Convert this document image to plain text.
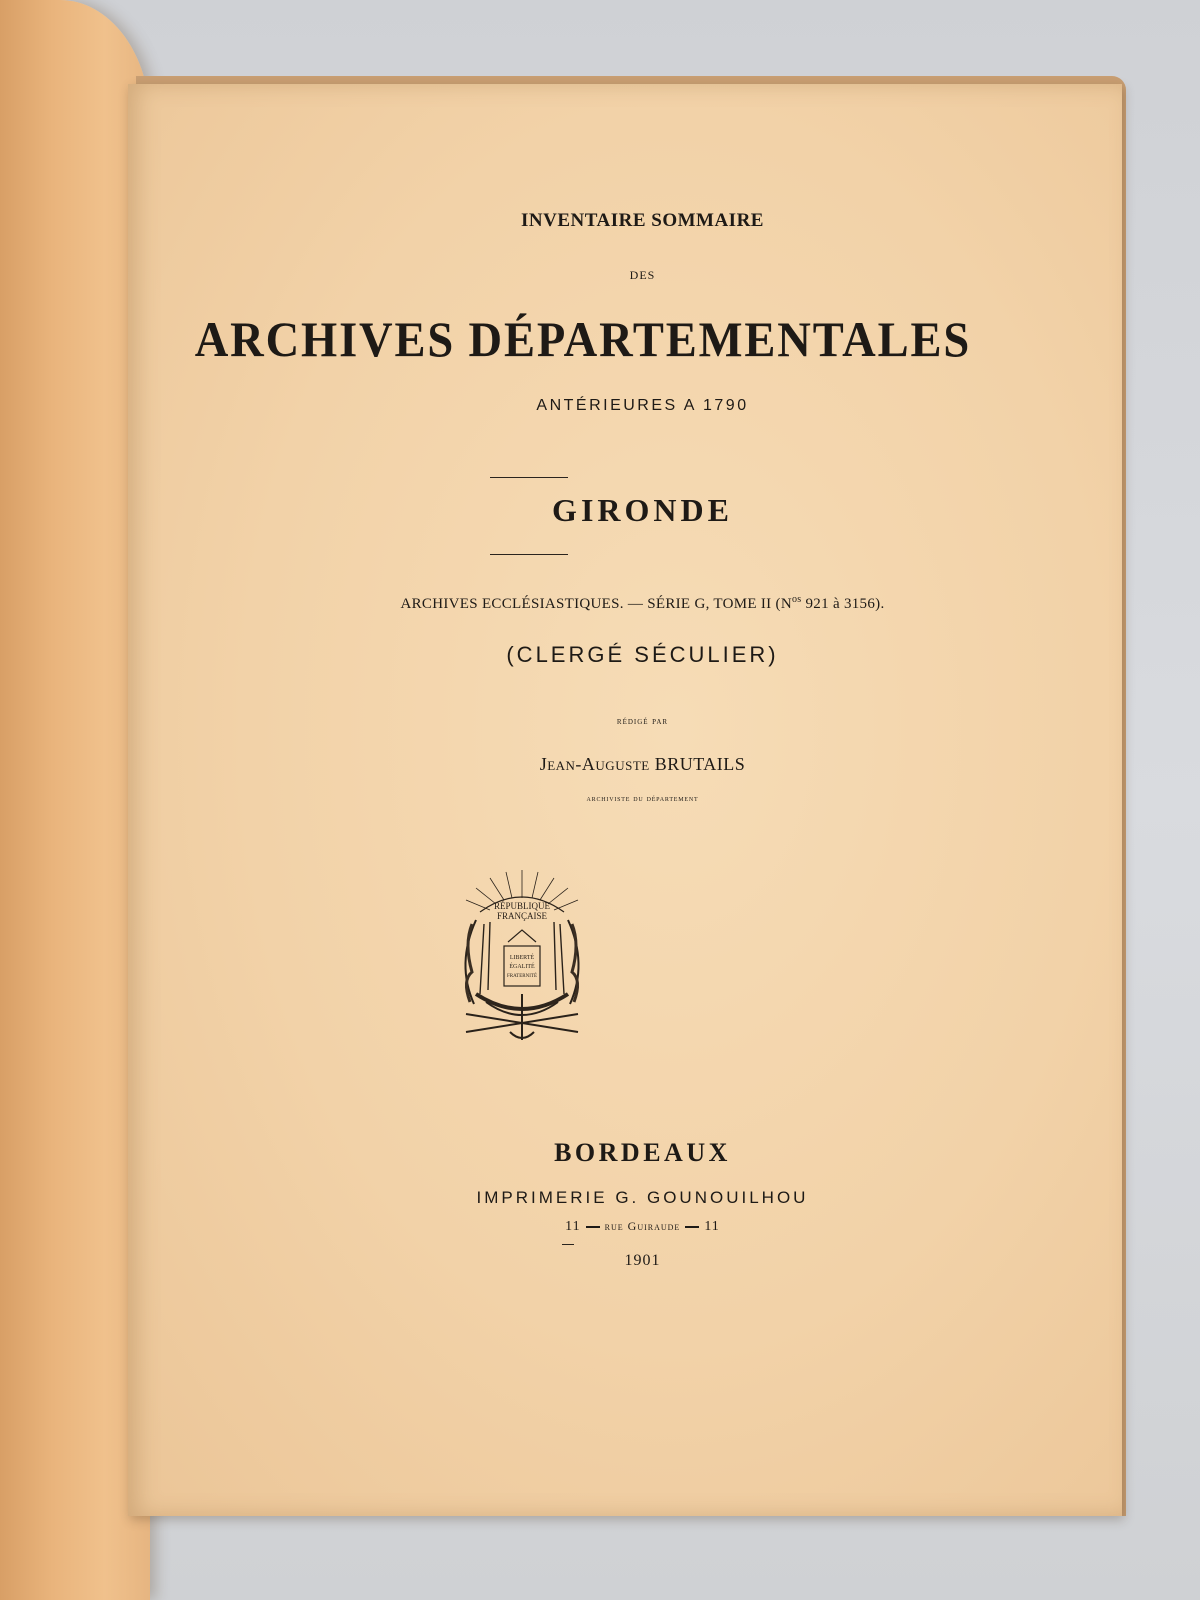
INVENTAIRE SOMMAIRE
DES
ARCHIVES DÉPARTEMENTALES
ANTÉRIEURES A 1790
GIRONDE
ARCHIVES ECCLÉSIASTIQUES. — SÉRIE G, TOME II ($N^{os}$ 921 à 3156).
(CLERGÉ SÉCULIER)
rédigé par
Jean-Auguste BRUTAILS
archiviste du département
RÉPUBLIQUE
FRANÇAISE
LIBERTÉ
ÉGALITÉ
FRATERNITÉ
BORDEAUX
IMPRIMERIE G. GOUNOUILHOU
11 rue Guiraude 11
1901
